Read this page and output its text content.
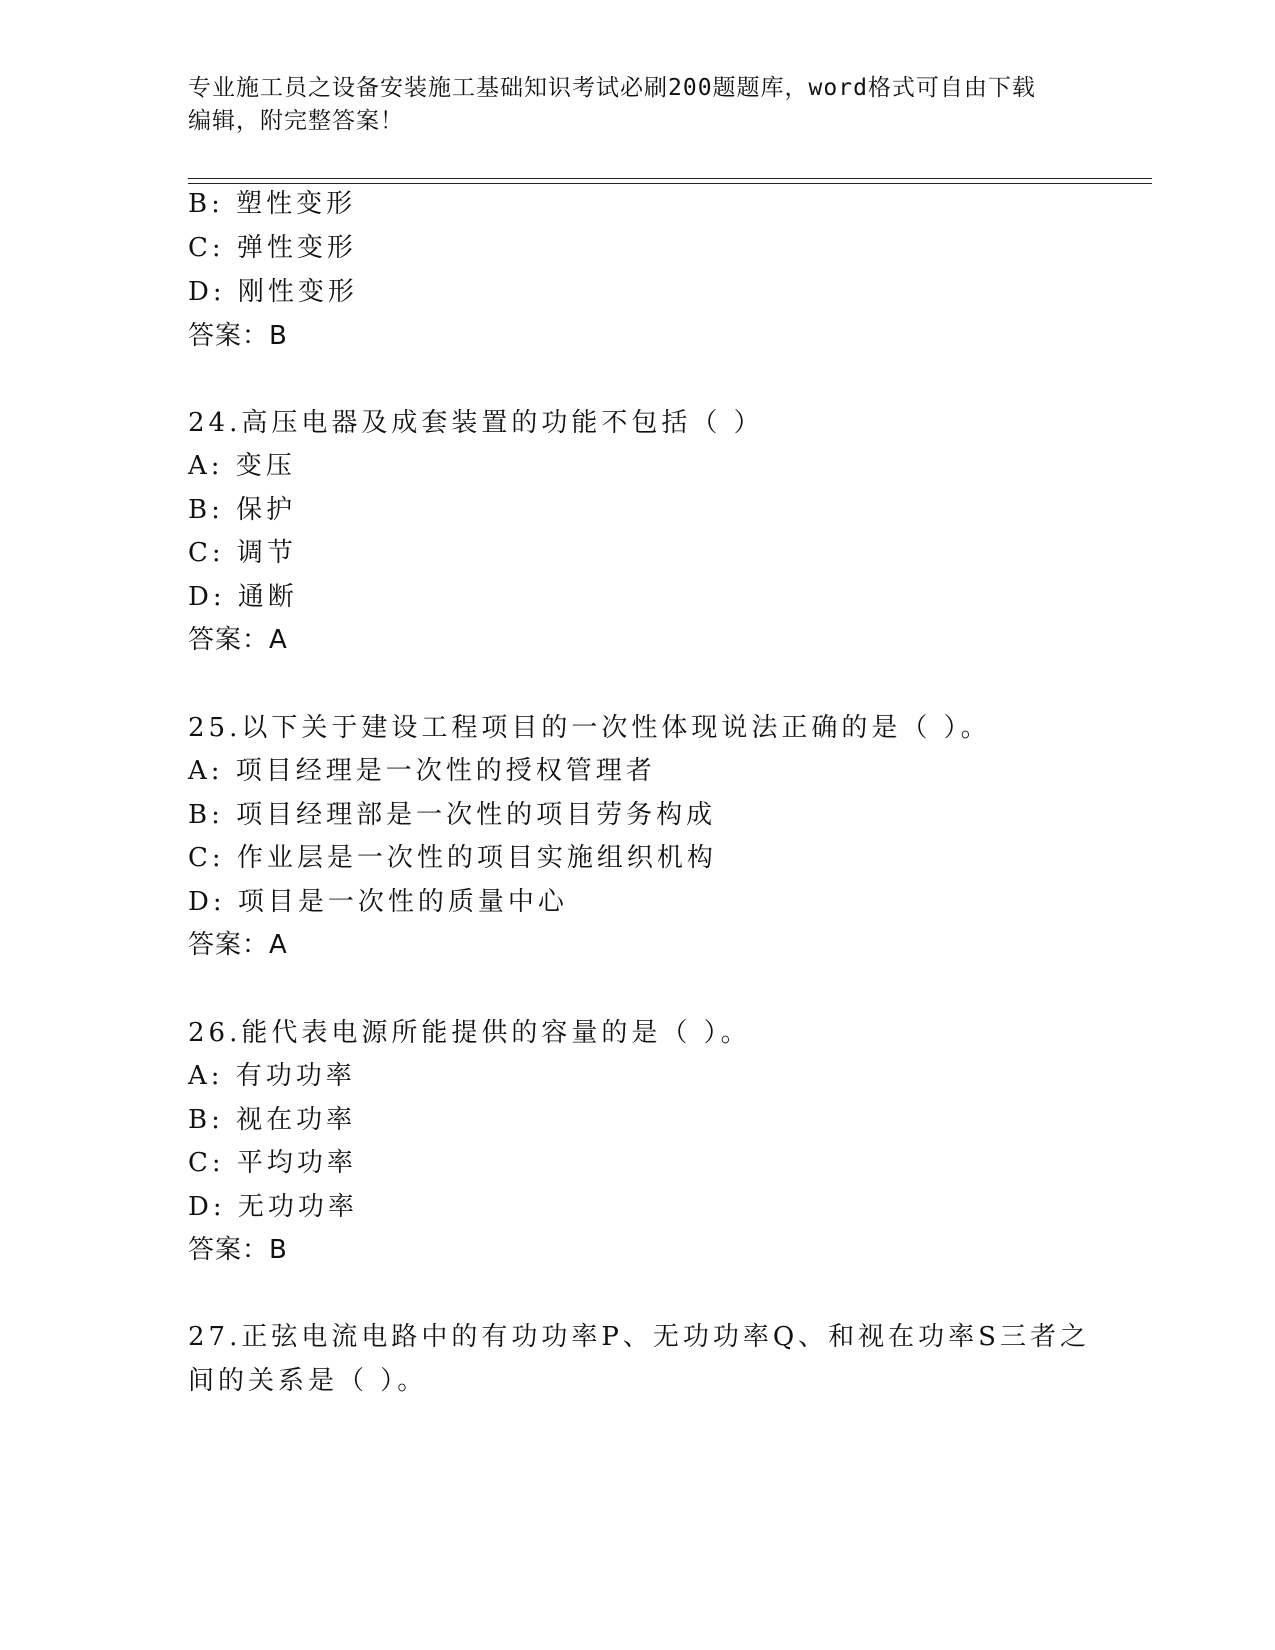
专业施工员之设备安装施工基础知识考试必刷200题题库，word格式可自由下载
编辑，附完整答案！
B: 塑性变形
C: 弹性变形
D: 刚性变形
答案：B
24.高压电器及成套装置的功能不包括（ ）
A: 变压
B: 保护
C: 调节
D: 通断
答案：A
25.以下关于建设工程项目的一次性体现说法正确的是（ ）。
A: 项目经理是一次性的授权管理者
B: 项目经理部是一次性的项目劳务构成
C: 作业层是一次性的项目实施组织机构
D: 项目是一次性的质量中心
答案：A
26.能代表电源所能提供的容量的是（ ）。
A: 有功功率
B: 视在功率
C: 平均功率
D: 无功功率
答案：B
27.正弦电流电路中的有功功率P、无功功率Q、和视在功率S三者之
间的关系是（ ）。
